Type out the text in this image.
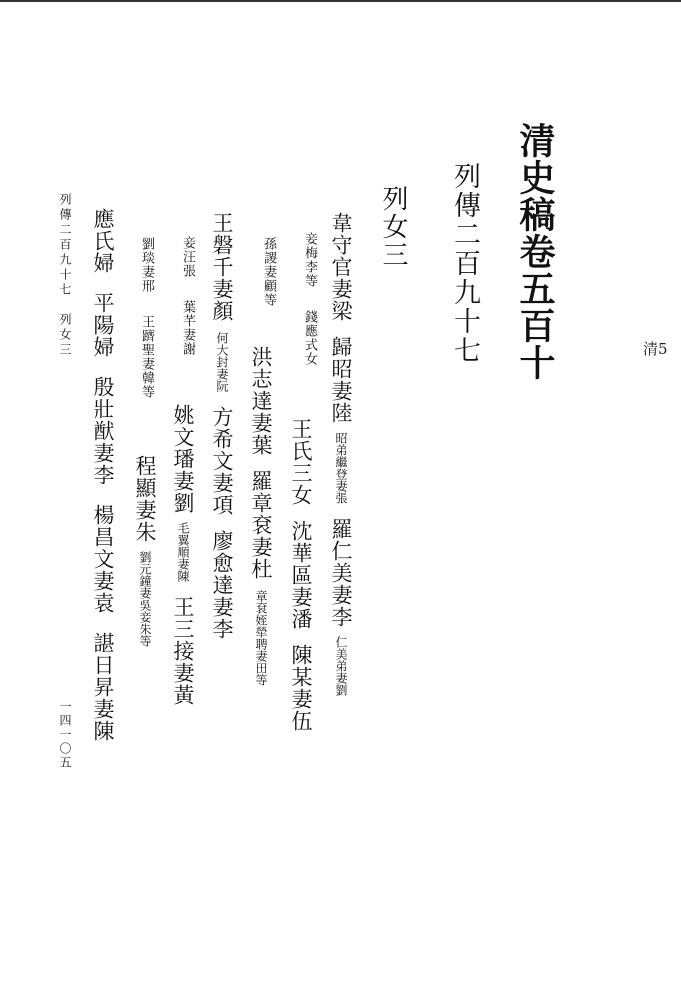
清5

清史稿卷五百十

列傳二百九十七

列女三

韋守官妻梁歸昭妻陸昭弟繼登妻張羅仁美妻李仁美弟妻劉
妾梅李等錢應式女
王氏三女沈華區妻潘陳某妻伍
孫謖妻顧等
洪志達妻葉羅章袞妻杜章袞姪犖聘妻田等
王磐千妻顏何大封妻阮方希文妻項廖愈達妻李
妾汪張葉芊妻謝
姚文璠妻劉毛翼順妻陳王三接妻黃
劉琰妻邢王躋聖妻韓等
程顯妻朱劉元鐘妻吳妾朱等
應氏婦平陽婦殷壯猷妻李楊昌文妻袁諶日昇妻陳

列傳二百九十七　列女三

一四一〇五
